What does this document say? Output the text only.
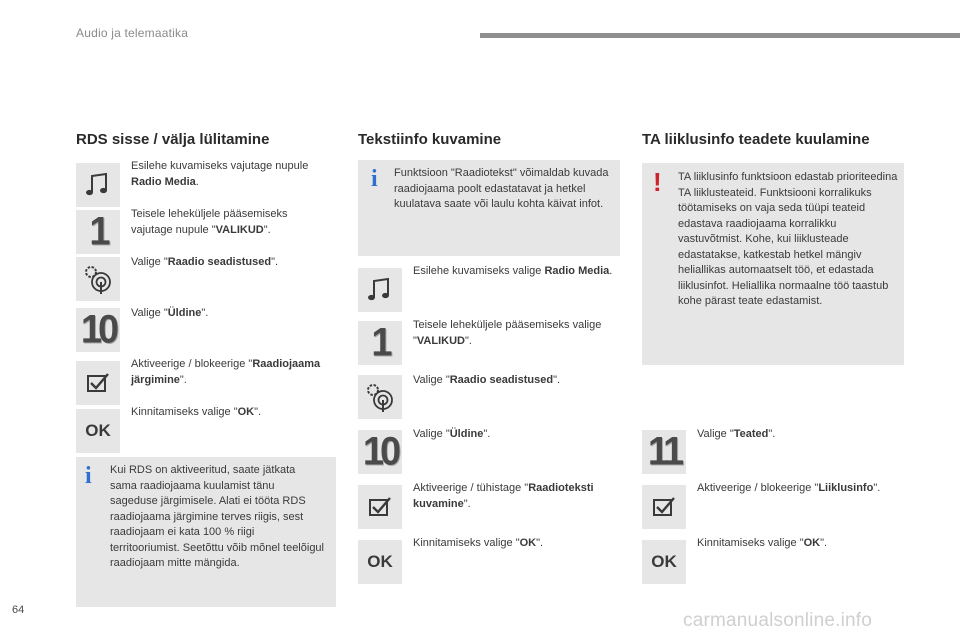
Audio ja telemaatika
RDS sisse / välja lülitamine
Esilehe kuvamiseks vajutage nupule Radio Media.
1 Teisele leheküljele pääsemiseks vajutage nupule "VALIKUD".
Valige "Raadio seadistused".
10 Valige "Üldine".
Aktiveerige / blokeerige "Raadiojaama järgimine".
OK
Kinnitamiseks valige "OK".
i Kui RDS on aktiveeritud, saate jätkata sama raadiojaama kuulamist tänu sageduse järgimisele. Alati ei tööta RDS raadiojaama järgimine terves riigis, sest raadiojaam ei kata 100 % riigi territooriumist. Seetõttu võib mõnel teelõigul raadiojaam mitte mängida.
Tekstiinfo kuvamine
i Funktsioon "Raadiotekst" võimaldab kuvada raadiojaama poolt edastatavat ja hetkel kuulatava saate või laulu kohta käivat infot.
Esilehe kuvamiseks valige Radio Media.
1 Teisele leheküljele pääsemiseks valige "VALIKUD".
Valige "Raadio seadistused".
10 Valige "Üldine".
Aktiveerige / tühistage "Raadioteksti kuvamine".
OK
Kinnitamiseks valige "OK".
TA liiklusinfo teadete kuulamine
! TA liiklusinfo funktsioon edastab prioriteedina TA liiklusteateid. Funktsiooni korralikuks töötamiseks on vaja seda tüüpi teateid edastava raadiojaama korralikku vastuvõtmist. Kohe, kui liiklusteade edastatakse, katkestab hetkel mängiv heliallikas automaatselt töö, et edastada liiklusinfot. Heliallika normaalne töö taastub kohe pärast teate edastamist.
11 Valige "Teated".
Aktiveerige / blokeerige "Liiklusinfo".
OK
Kinnitamiseks valige "OK".
64	carmanualsonline.info
